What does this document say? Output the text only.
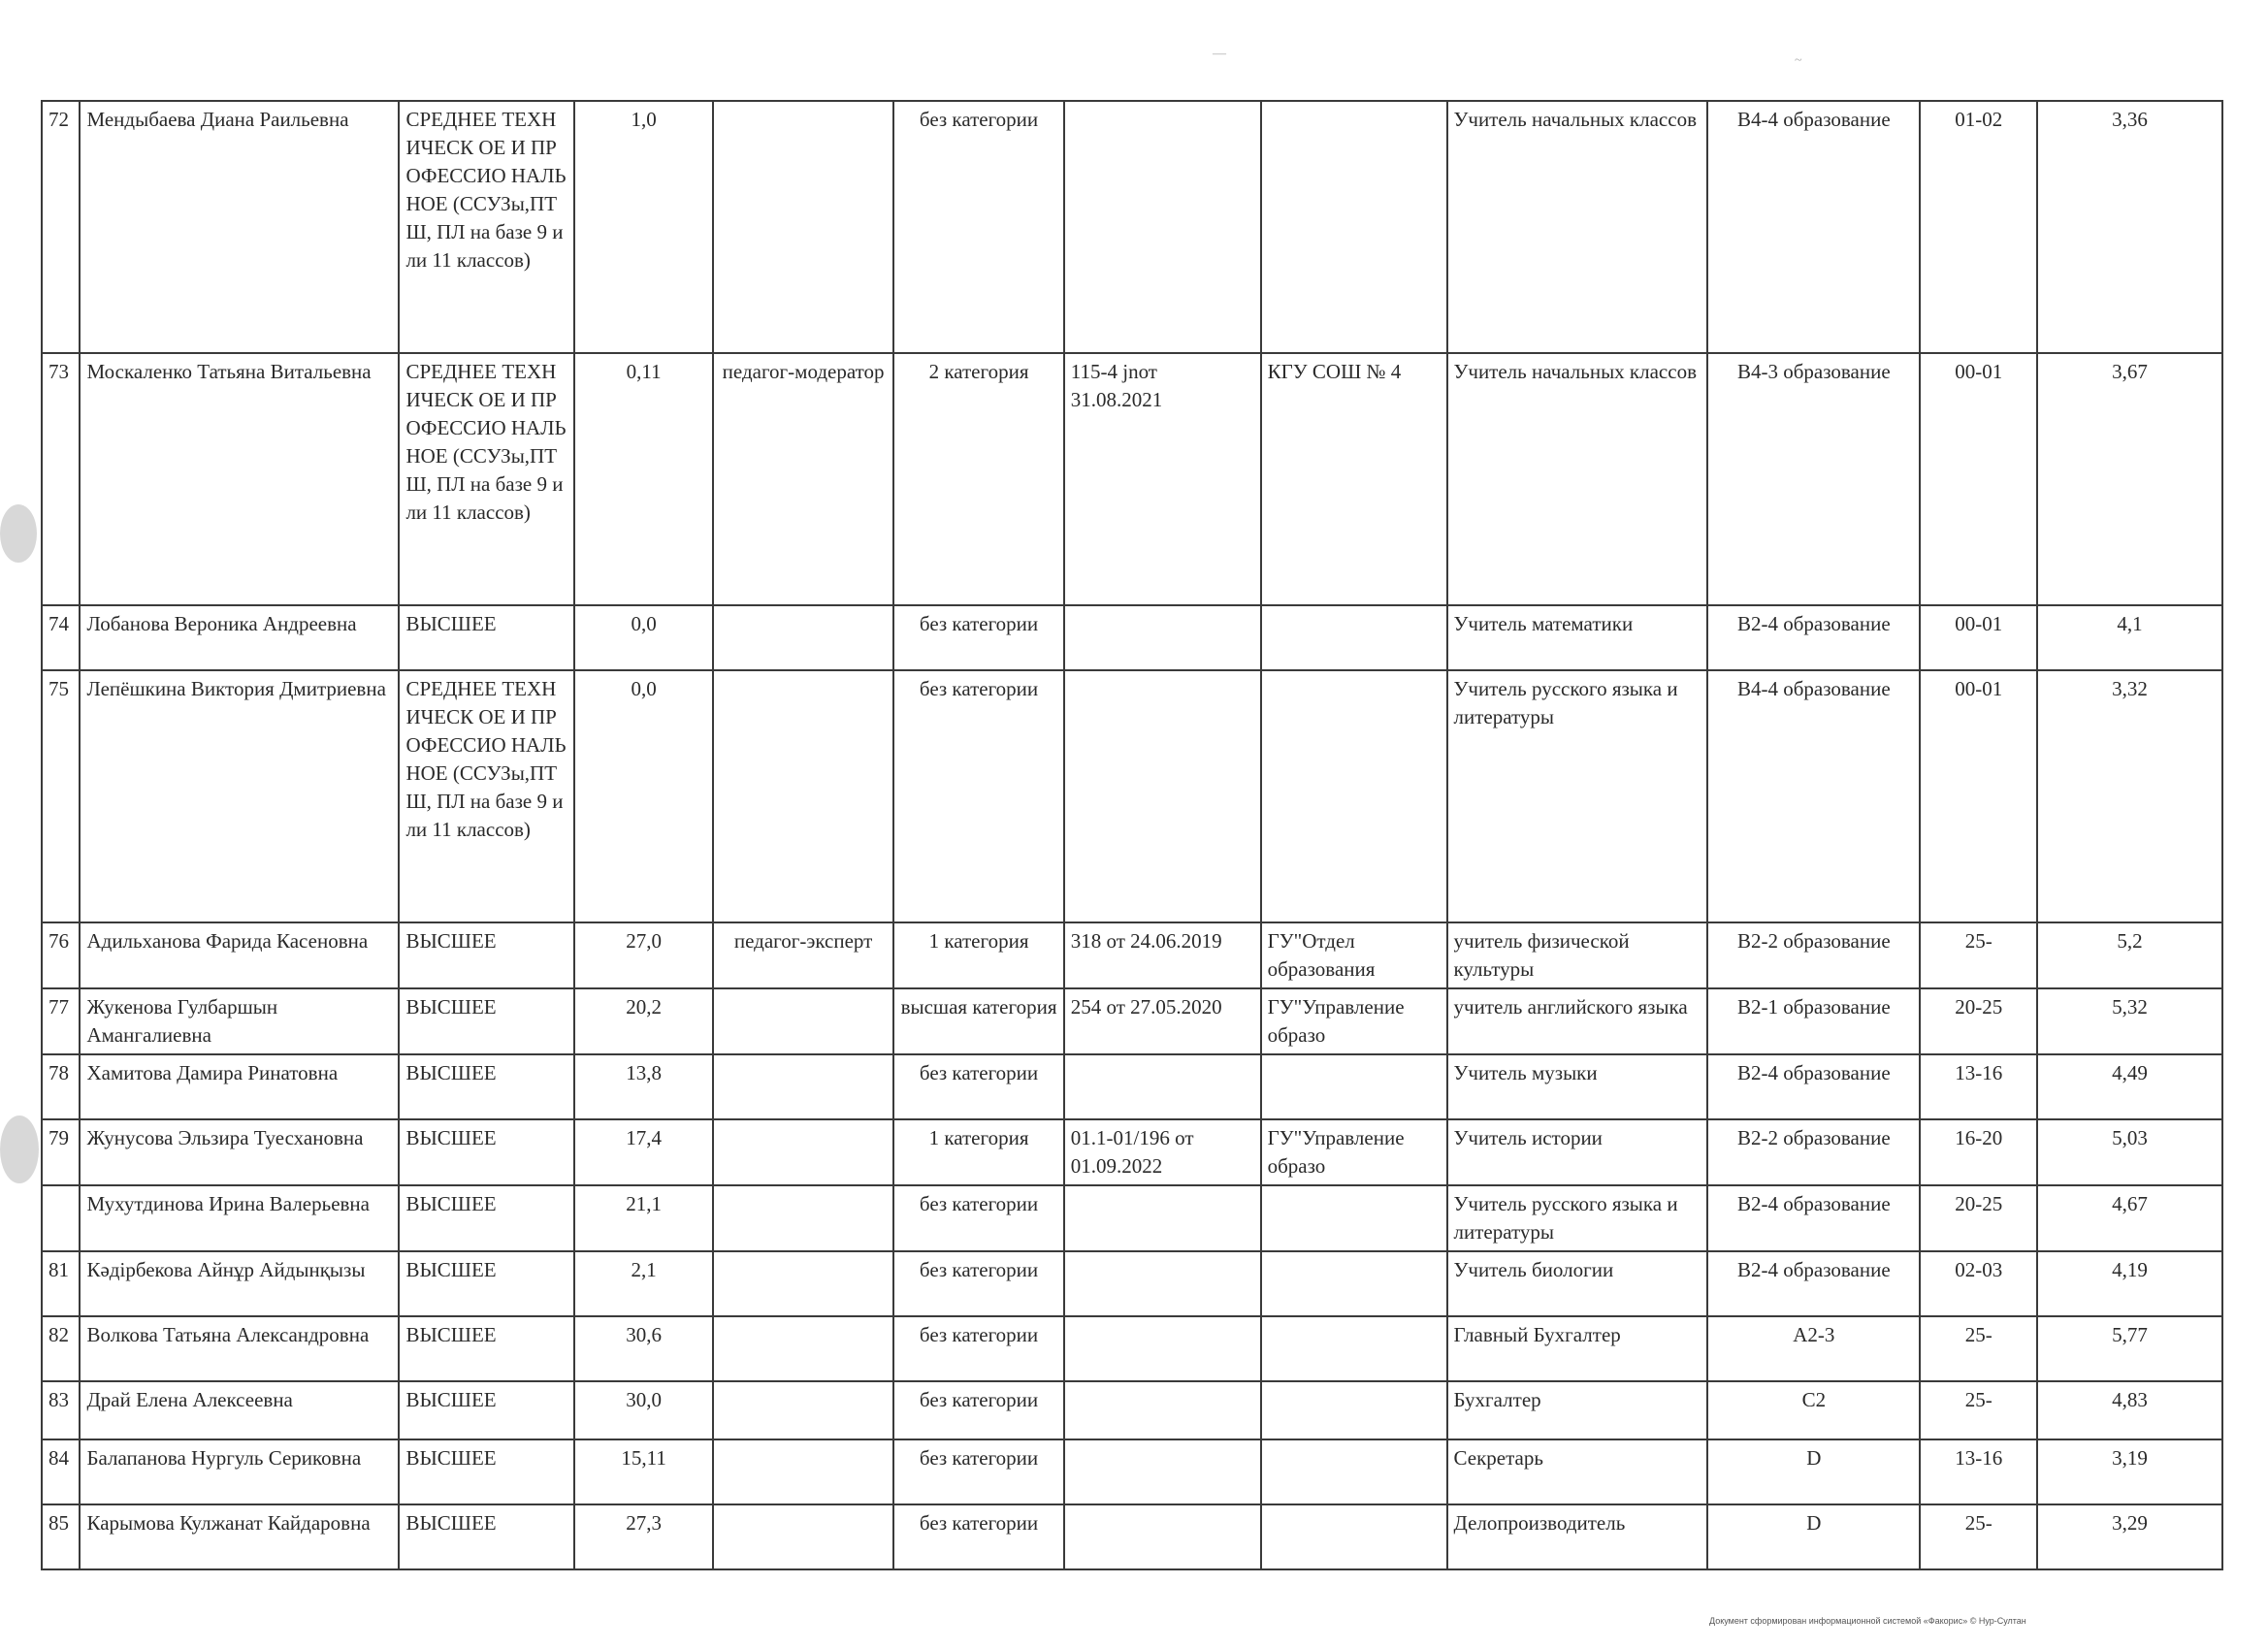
—	~
72	Мендыбаева Диана Раильевна	СРЕДНЕЕ ТЕХНИЧЕСК ОЕ И ПРОФЕССИО НАЛЬНОЕ (ССУЗы,ПТШ, ПЛ на базе 9 или 11 классов)	1,0		без категории			Учитель начальных классов	В4-4 образование	01-02	3,36
73	Москаленко Татьяна Витальевна	СРЕДНЕЕ ТЕХНИЧЕСК ОЕ И ПРОФЕССИО НАЛЬНОЕ (ССУЗы,ПТШ, ПЛ на базе 9 или 11 классов)	0,11	педагог-модератор	2 категория	115-4 jnот 31.08.2021	КГУ СОШ № 4	Учитель начальных классов	В4-3 образование	00-01	3,67
74	Лобанова Вероника Андреевна	ВЫСШЕЕ	0,0		без категории			Учитель математики	В2-4 образование	00-01	4,1
75	Лепёшкина Виктория Дмитриевна	СРЕДНЕЕ ТЕХНИЧЕСК ОЕ И ПРОФЕССИО НАЛЬНОЕ (ССУЗы,ПТШ, ПЛ на базе 9 или 11 классов)	0,0		без категории			Учитель русского языка и литературы	В4-4 образование	00-01	3,32
76	Адильханова Фарида Касеновна	ВЫСШЕЕ	27,0	педагог-эксперт	1 категория	318 от 24.06.2019	ГУ"Отдел образования	учитель физической культуры	В2-2 образование	25-	5,2
77	Жукенова Гулбаршын Амангалиевна	ВЫСШЕЕ	20,2		высшая категория	254 от 27.05.2020	ГУ"Управление образо	учитель английского языка	В2-1 образование	20-25	5,32
78	Хамитова Дамира Ринатовна	ВЫСШЕЕ	13,8		без категории			Учитель музыки	В2-4 образование	13-16	4,49
79	Жунусова Эльзира Туесхановна	ВЫСШЕЕ	17,4		1 категория	01.1-01/196 от 01.09.2022	ГУ"Управление образо	Учитель истории	В2-2 образование	16-20	5,03
	Мухутдинова Ирина Валерьевна	ВЫСШЕЕ	21,1		без категории			Учитель русского языка и литературы	В2-4 образование	20-25	4,67
81	Кәдірбекова Айнұр Айдынқызы	ВЫСШЕЕ	2,1		без категории			Учитель биологии	В2-4 образование	02-03	4,19
82	Волкова Татьяна Александровна	ВЫСШЕЕ	30,6		без категории			Главный Бухгалтер	А2-3	25-	5,77
83	Драй Елена Алексеевна	ВЫСШЕЕ	30,0		без категории			Бухгалтер	С2	25-	4,83
84	Балапанова Нургуль Сериковна	ВЫСШЕЕ	15,11		без категории			Секретарь	D	13-16	3,19
85	Карымова Кулжанат Кайдаровна	ВЫСШЕЕ	27,3		без категории			Делопроизводитель	D	25-	3,29
Документ сформирован информационной системой «Факорис» © Нур-Султан
